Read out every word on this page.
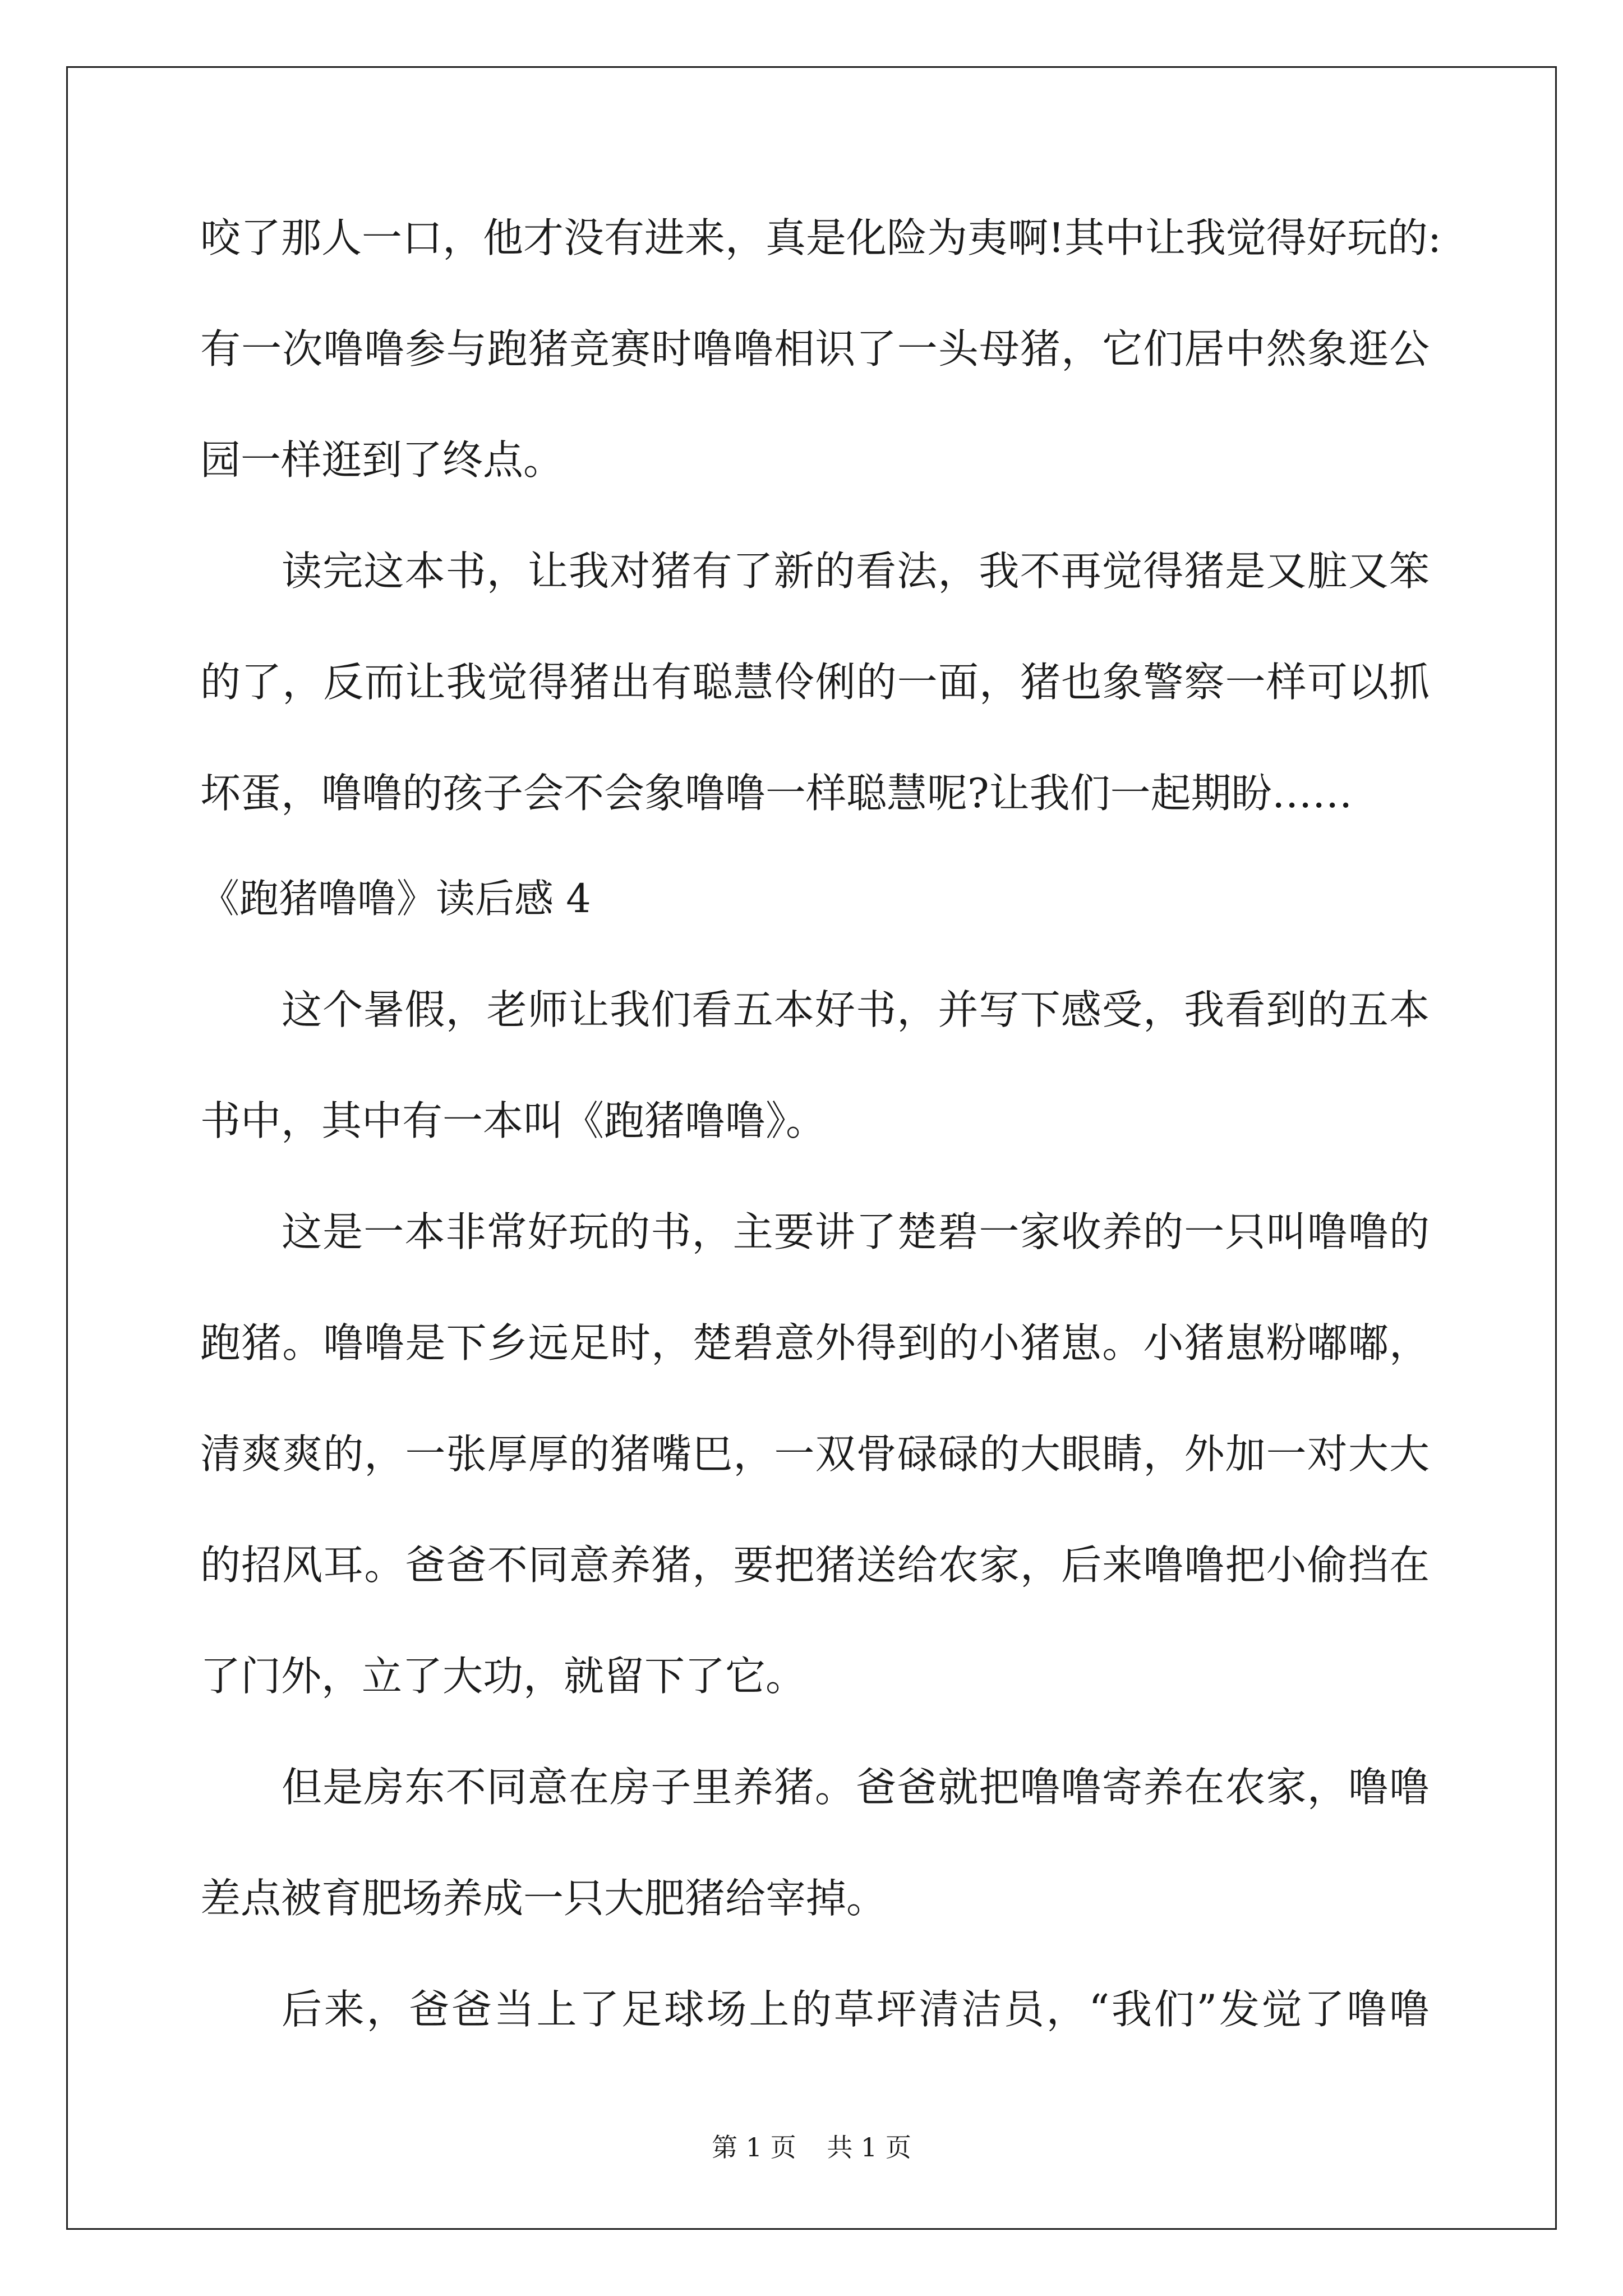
咬了那人一口，他才没有进来，真是化险为夷啊!其中让我觉得好玩的:
有一次噜噜参与跑猪竞赛时噜噜相识了一头母猪，它们居中然象逛公
园一样逛到了终点。
读完这本书，让我对猪有了新的看法，我不再觉得猪是又脏又笨
的了，反而让我觉得猪出有聪慧伶俐的一面，猪也象警察一样可以抓
坏蛋，噜噜的孩子会不会象噜噜一样聪慧呢?让我们一起期盼……
《跑猪噜噜》读后感 4
这个暑假，老师让我们看五本好书，并写下感受，我看到的五本
书中，其中有一本叫《跑猪噜噜》。
这是一本非常好玩的书，主要讲了楚碧一家收养的一只叫噜噜的
跑猪。噜噜是下乡远足时，楚碧意外得到的小猪崽。小猪崽粉嘟嘟，
清爽爽的，一张厚厚的猪嘴巴，一双骨碌碌的大眼睛，外加一对大大
的招风耳。爸爸不同意养猪，要把猪送给农家，后来噜噜把小偷挡在
了门外，立了大功，就留下了它。
但是房东不同意在房子里养猪。爸爸就把噜噜寄养在农家，噜噜
差点被育肥场养成一只大肥猪给宰掉。
后来，爸爸当上了足球场上的草坪清洁员，“我们”发觉了噜噜
第 1 页 共 1 页
